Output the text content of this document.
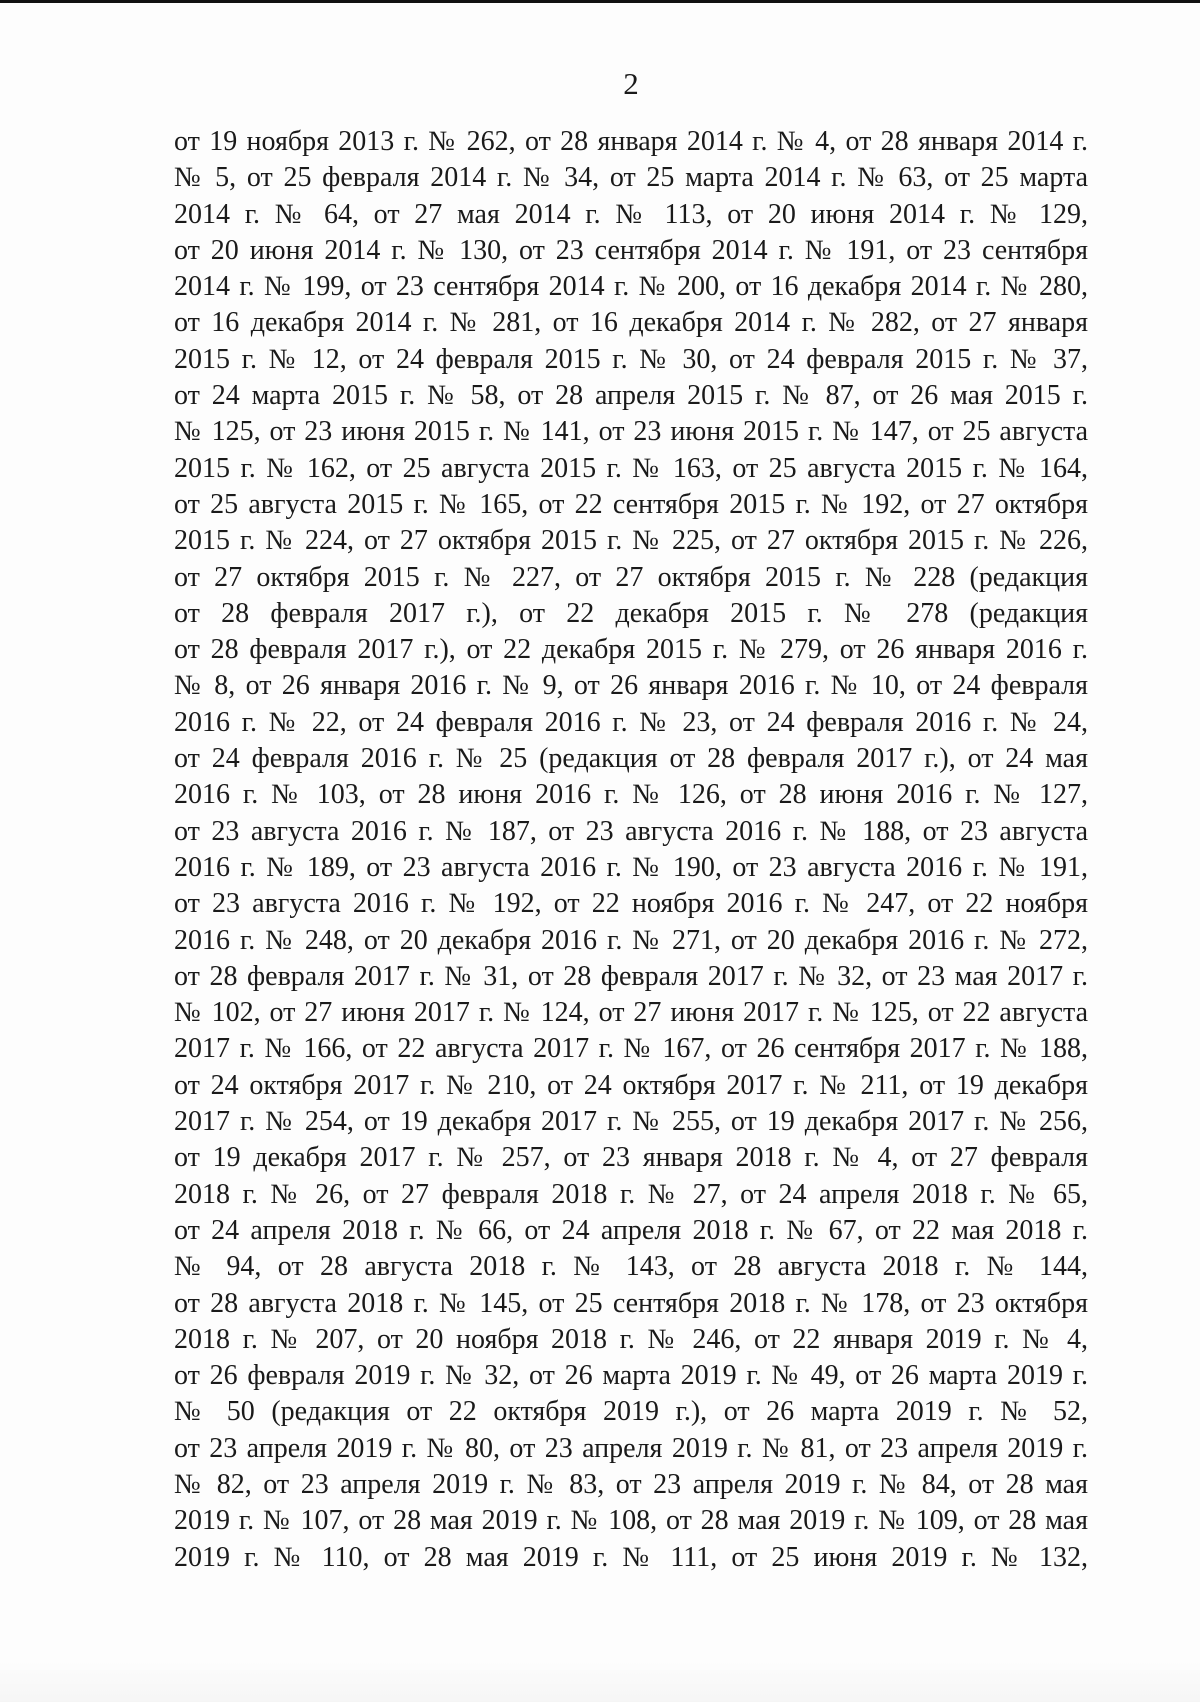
2
от 19 ноября 2013 г. № 262, от 28 января 2014 г. № 4, от 28 января 2014 г.
№ 5, от 25 февраля 2014 г. № 34, от 25 марта 2014 г. № 63, от 25 марта
2014 г. № 64, от 27 мая 2014 г. № 113, от 20 июня 2014 г. № 129,
от 20 июня 2014 г. № 130, от 23 сентября 2014 г. № 191, от 23 сентября
2014 г. № 199, от 23 сентября 2014 г. № 200, от 16 декабря 2014 г. № 280,
от 16 декабря 2014 г. № 281, от 16 декабря 2014 г. № 282, от 27 января
2015 г. № 12, от 24 февраля 2015 г. № 30, от 24 февраля 2015 г. № 37,
от 24 марта 2015 г. № 58, от 28 апреля 2015 г. № 87, от 26 мая 2015 г.
№ 125, от 23 июня 2015 г. № 141, от 23 июня 2015 г. № 147, от 25 августа
2015 г. № 162, от 25 августа 2015 г. № 163, от 25 августа 2015 г. № 164,
от 25 августа 2015 г. № 165, от 22 сентября 2015 г. № 192, от 27 октября
2015 г. № 224, от 27 октября 2015 г. № 225, от 27 октября 2015 г. № 226,
от 27 октября 2015 г. № 227, от 27 октября 2015 г. № 228 (редакция
от 28 февраля 2017 г.), от 22 декабря 2015 г. № 278 (редакция
от 28 февраля 2017 г.), от 22 декабря 2015 г. № 279, от 26 января 2016 г.
№ 8, от 26 января 2016 г. № 9, от 26 января 2016 г. № 10, от 24 февраля
2016 г. № 22, от 24 февраля 2016 г. № 23, от 24 февраля 2016 г. № 24,
от 24 февраля 2016 г. № 25 (редакция от 28 февраля 2017 г.), от 24 мая
2016 г. № 103, от 28 июня 2016 г. № 126, от 28 июня 2016 г. № 127,
от 23 августа 2016 г. № 187, от 23 августа 2016 г. № 188, от 23 августа
2016 г. № 189, от 23 августа 2016 г. № 190, от 23 августа 2016 г. № 191,
от 23 августа 2016 г. № 192, от 22 ноября 2016 г. № 247, от 22 ноября
2016 г. № 248, от 20 декабря 2016 г. № 271, от 20 декабря 2016 г. № 272,
от 28 февраля 2017 г. № 31, от 28 февраля 2017 г. № 32, от 23 мая 2017 г.
№ 102, от 27 июня 2017 г. № 124, от 27 июня 2017 г. № 125, от 22 августа
2017 г. № 166, от 22 августа 2017 г. № 167, от 26 сентября 2017 г. № 188,
от 24 октября 2017 г. № 210, от 24 октября 2017 г. № 211, от 19 декабря
2017 г. № 254, от 19 декабря 2017 г. № 255, от 19 декабря 2017 г. № 256,
от 19 декабря 2017 г. № 257, от 23 января 2018 г. № 4, от 27 февраля
2018 г. № 26, от 27 февраля 2018 г. № 27, от 24 апреля 2018 г. № 65,
от 24 апреля 2018 г. № 66, от 24 апреля 2018 г. № 67, от 22 мая 2018 г.
№ 94, от 28 августа 2018 г. № 143, от 28 августа 2018 г. № 144,
от 28 августа 2018 г. № 145, от 25 сентября 2018 г. № 178, от 23 октября
2018 г. № 207, от 20 ноября 2018 г. № 246, от 22 января 2019 г. № 4,
от 26 февраля 2019 г. № 32, от 26 марта 2019 г. № 49, от 26 марта 2019 г.
№ 50 (редакция от 22 октября 2019 г.), от 26 марта 2019 г. № 52,
от 23 апреля 2019 г. № 80, от 23 апреля 2019 г. № 81, от 23 апреля 2019 г.
№ 82, от 23 апреля 2019 г. № 83, от 23 апреля 2019 г. № 84, от 28 мая
2019 г. № 107, от 28 мая 2019 г. № 108, от 28 мая 2019 г. № 109, от 28 мая
2019 г. № 110, от 28 мая 2019 г. № 111, от 25 июня 2019 г. № 132,
